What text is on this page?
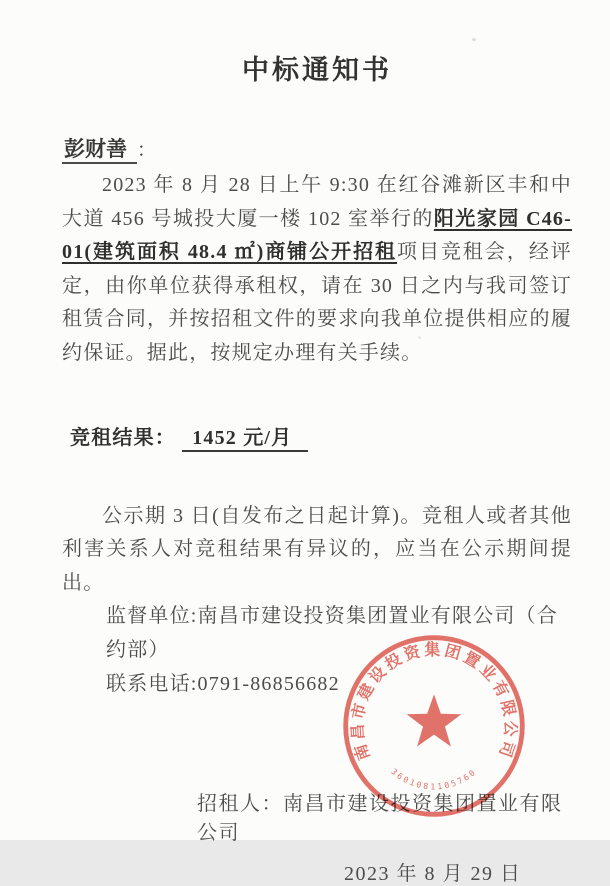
中标通知书
彭财善 ：
2023 年 8 月 28 日上午 9:30 在红谷滩新区丰和中大道 456 号城投大厦一楼 102 室举行的阳光家园 C46-01(建筑面积 48.4 ㎡)商铺公开招租项目竞租会，经评定，由你单位获得承租权，请在 30 日之内与我司签订租赁合同，并按招租文件的要求向我单位提供相应的履约保证。据此，按规定办理有关手续。
竞租结果： 1452 元/月
公示期 3 日(自发布之日起计算)。竞租人或者其他利害关系人对竞租结果有异议的，应当在公示期间提出。
监督单位:南昌市建设投资集团置业有限公司（合约部）
联系电话:0791-86856682
招租人：南昌市建设投资集团置业有限公司
2023 年 8 月 29 日
南昌市建设投资集团置业有限公司
3601081105760
